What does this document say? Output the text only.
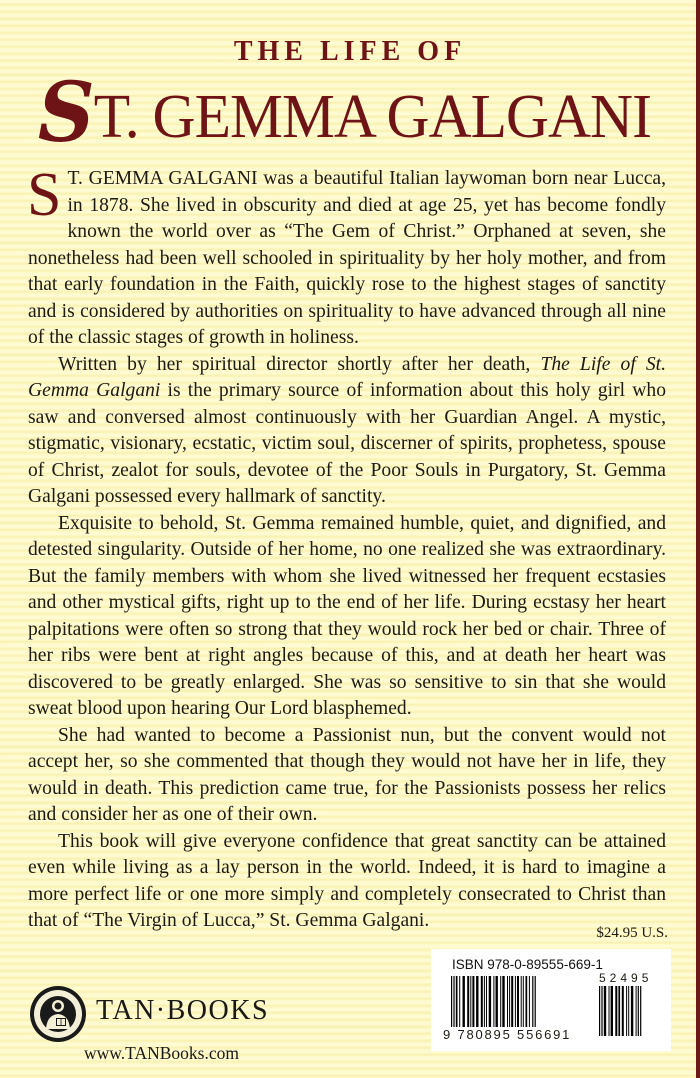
THE LIFE OF
ST. GEMMA GALGANI

S T. GEMMA GALGANI was a beautiful Italian laywoman born near Lucca, in 1878. She lived in obscurity and died at age 25, yet has become fondly known the world over as “The Gem of Christ.” Orphaned at seven, she nonetheless had been well schooled in spirituality by her holy mother, and from that early foundation in the Faith, quickly rose to the highest stages of sanctity and is considered by authorities on spirituality to have advanced through all nine of the classic stages of growth in holiness.

Written by her spiritual director shortly after her death, The Life of St. Gemma Galgani is the primary source of information about this holy girl who saw and conversed almost continuously with her Guardian Angel. A mystic, stigmatic, visionary, ecstatic, victim soul, discerner of spirits, prophetess, spouse of Christ, zealot for souls, devotee of the Poor Souls in Purgatory, St. Gemma Galgani possessed every hallmark of sanctity.

Exquisite to behold, St. Gemma remained humble, quiet, and dignified, and detested singularity. Outside of her home, no one realized she was extraordinary. But the family members with whom she lived witnessed her frequent ecstasies and other mystical gifts, right up to the end of her life. During ecstasy her heart palpitations were often so strong that they would rock her bed or chair. Three of her ribs were bent at right angles because of this, and at death her heart was discovered to be greatly enlarged. She was so sensitive to sin that she would sweat blood upon hearing Our Lord blasphemed.

She had wanted to become a Passionist nun, but the convent would not accept her, so she commented that though they would not have her in life, they would in death. This prediction came true, for the Passionists possess her relics and consider her as one of their own.

This book will give everyone confidence that great sanctity can be attained even while living as a lay person in the world. Indeed, it is hard to imagine a more perfect life or one more simply and completely consecrated to Christ than that of “The Virgin of Lucca,” St. Gemma Galgani.

$24.95 U.S.
ISBN 978-0-89555-669-1
9 780895 556691
52495
TAN·BOOKS
www.TANBooks.com
